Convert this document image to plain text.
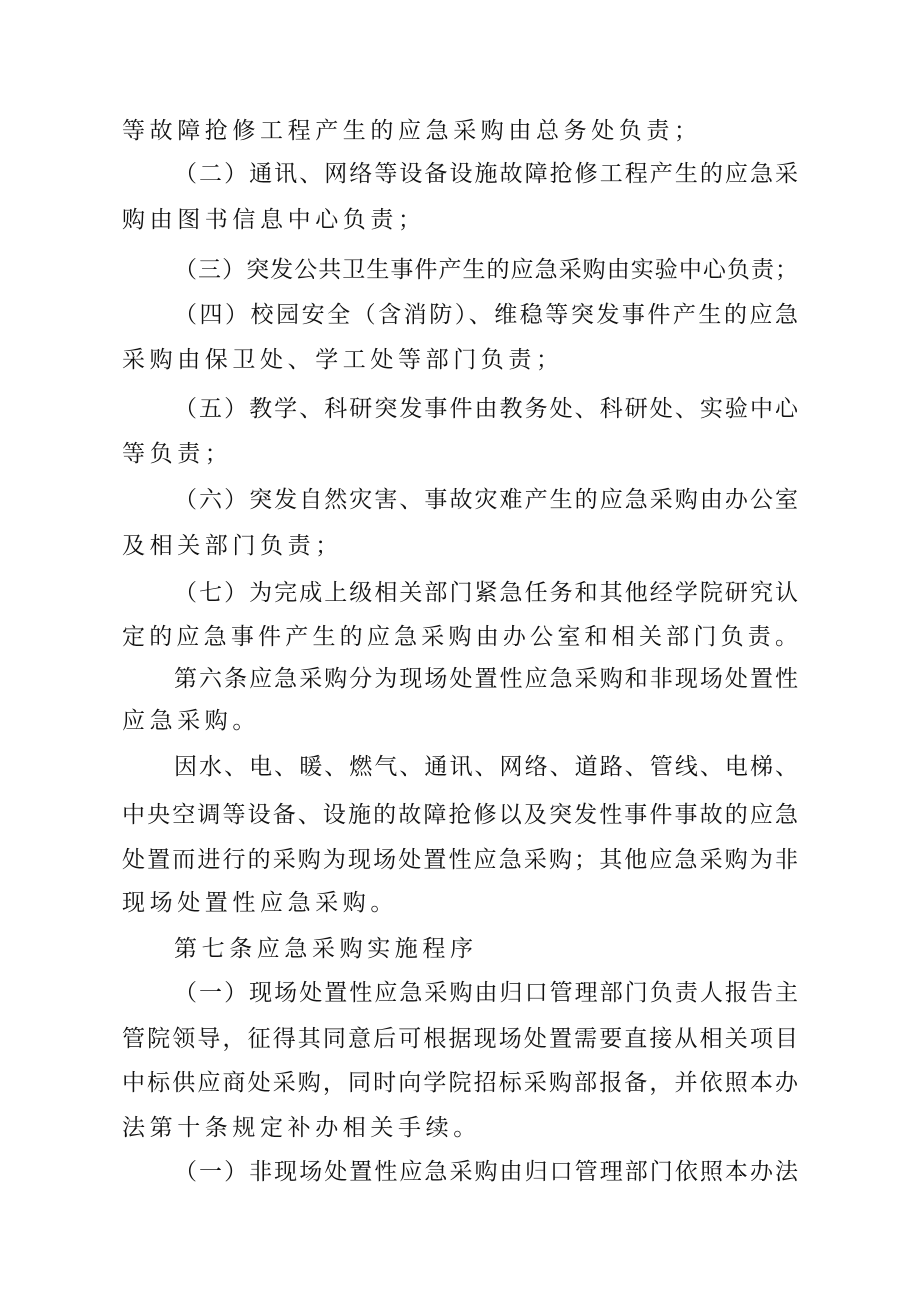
等故障抢修工程产生的应急采购由总务处负责；
（二）通讯、网络等设备设施故障抢修工程产生的应急采
购由图书信息中心负责；
（三）突发公共卫生事件产生的应急采购由实验中心负责；
（四）校园安全（含消防）、维稳等突发事件产生的应急
采购由保卫处、学工处等部门负责；
（五）教学、科研突发事件由教务处、科研处、实验中心
等负责；
（六）突发自然灾害、事故灾难产生的应急采购由办公室
及相关部门负责；
（七）为完成上级相关部门紧急任务和其他经学院研究认
定的应急事件产生的应急采购由办公室和相关部门负责。
第六条应急采购分为现场处置性应急采购和非现场处置性
应急采购。
因水、电、暖、燃气、通讯、网络、道路、管线、电梯、
中央空调等设备、设施的故障抢修以及突发性事件事故的应急
处置而进行的采购为现场处置性应急采购；其他应急采购为非
现场处置性应急采购。
第七条应急采购实施程序
（一）现场处置性应急采购由归口管理部门负责人报告主
管院领导，征得其同意后可根据现场处置需要直接从相关项目
中标供应商处采购，同时向学院招标采购部报备，并依照本办
法第十条规定补办相关手续。
（一）非现场处置性应急采购由归口管理部门依照本办法
